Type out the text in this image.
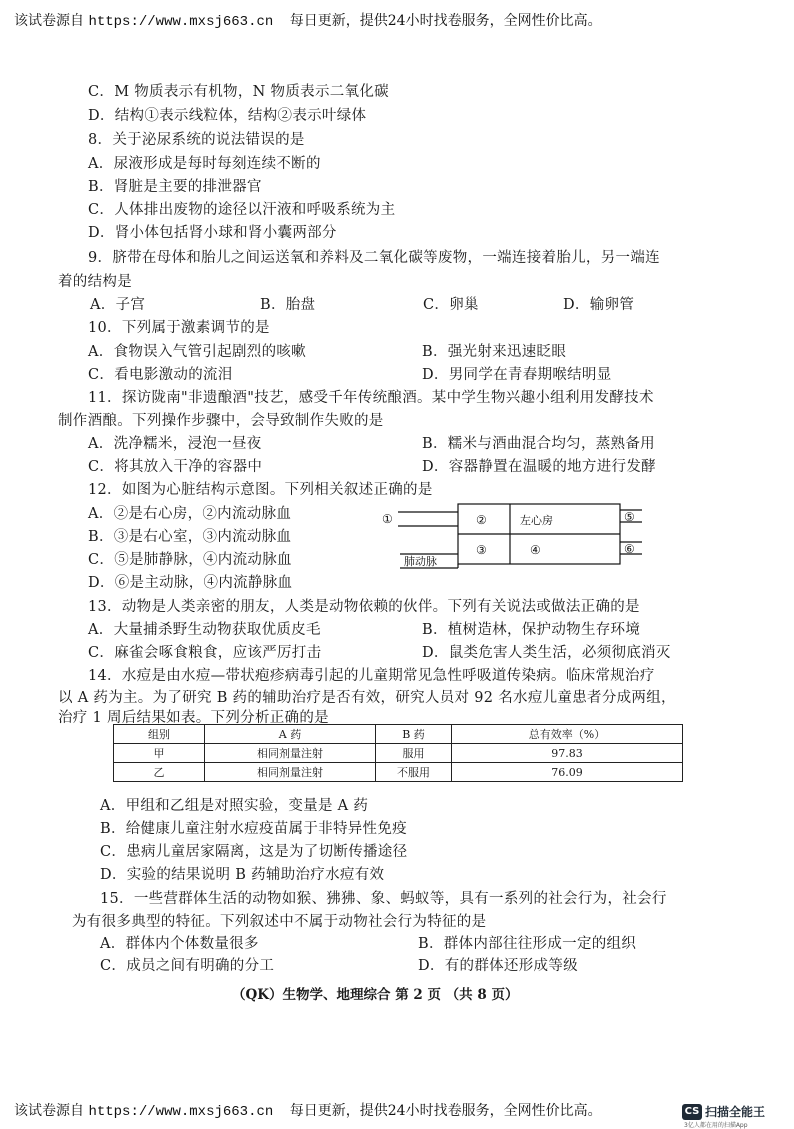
该试卷源自 https://www.mxsj663.cn 每日更新，提供24小时找卷服务，全网性价比高。
C．M 物质表示有机物，N 物质表示二氧化碳
D．结构①表示线粒体，结构②表示叶绿体
8．关于泌尿系统的说法错误的是
A．尿液形成是每时每刻连续不断的
B．肾脏是主要的排泄器官
C．人体排出废物的途径以汗液和呼吸系统为主
D．肾小体包括肾小球和肾小囊两部分
9．脐带在母体和胎儿之间运送氧和养料及二氧化碳等废物，一端连接着胎儿，另一端连
着的结构是
A．子宫	B．胎盘	C．卵巢	D．输卵管
10．下列属于激素调节的是
A．食物误入气管引起剧烈的咳嗽	B．强光射来迅速眨眼
C．看电影激动的流泪	D．男同学在青春期喉结明显
11．探访陇南"非遗酿酒"技艺，感受千年传统酿酒。某中学生物兴趣小组利用发酵技术
制作酒酿。下列操作步骤中，会导致制作失败的是
A．洗净糯米，浸泡一昼夜	B．糯米与酒曲混合均匀，蒸熟备用
C．将其放入干净的容器中	D．容器静置在温暖的地方进行发酵
12．如图为心脏结构示意图。下列相关叙述正确的是
A．②是右心房，②内流动脉血
B．③是右心室，③内流动脉血
C．⑤是肺静脉，④内流动脉血
D．⑥是主动脉，④内流静脉血
①	②	左心房	⑤
③	④	⑥
肺动脉
13．动物是人类亲密的朋友，人类是动物依赖的伙伴。下列有关说法或做法正确的是
A．大量捕杀野生动物获取优质皮毛	B．植树造林，保护动物生存环境
C．麻雀会啄食粮食，应该严厉打击	D．鼠类危害人类生活，必须彻底消灭
14．水痘是由水痘—带状疱疹病毒引起的儿童期常见急性呼吸道传染病。临床常规治疗
以 A 药为主。为了研究 B 药的辅助治疗是否有效，研究人员对 92 名水痘儿童患者分成两组，
治疗 1 周后结果如表。下列分析正确的是
组别	A 药	B 药	总有效率（%）
甲	相同剂量注射	服用	97.83
乙	相同剂量注射	不服用	76.09
A．甲组和乙组是对照实验，变量是 A 药
B．给健康儿童注射水痘疫苗属于非特异性免疫
C．患病儿童居家隔离，这是为了切断传播途径
D．实验的结果说明 B 药辅助治疗水痘有效
15．一些营群体生活的动物如猴、狒狒、象、蚂蚁等，具有一系列的社会行为，社会行
为有很多典型的特征。下列叙述中不属于动物社会行为特征的是
A．群体内个体数量很多	B．群体内部往往形成一定的组织
C．成员之间有明确的分工	D．有的群体还形成等级
（QK）生物学、地理综合 第 2 页 （共 8 页）
该试卷源自 https://www.mxsj663.cn 每日更新，提供24小时找卷服务，全网性价比高。	CS 扫描全能王
3亿人都在用的扫描App
